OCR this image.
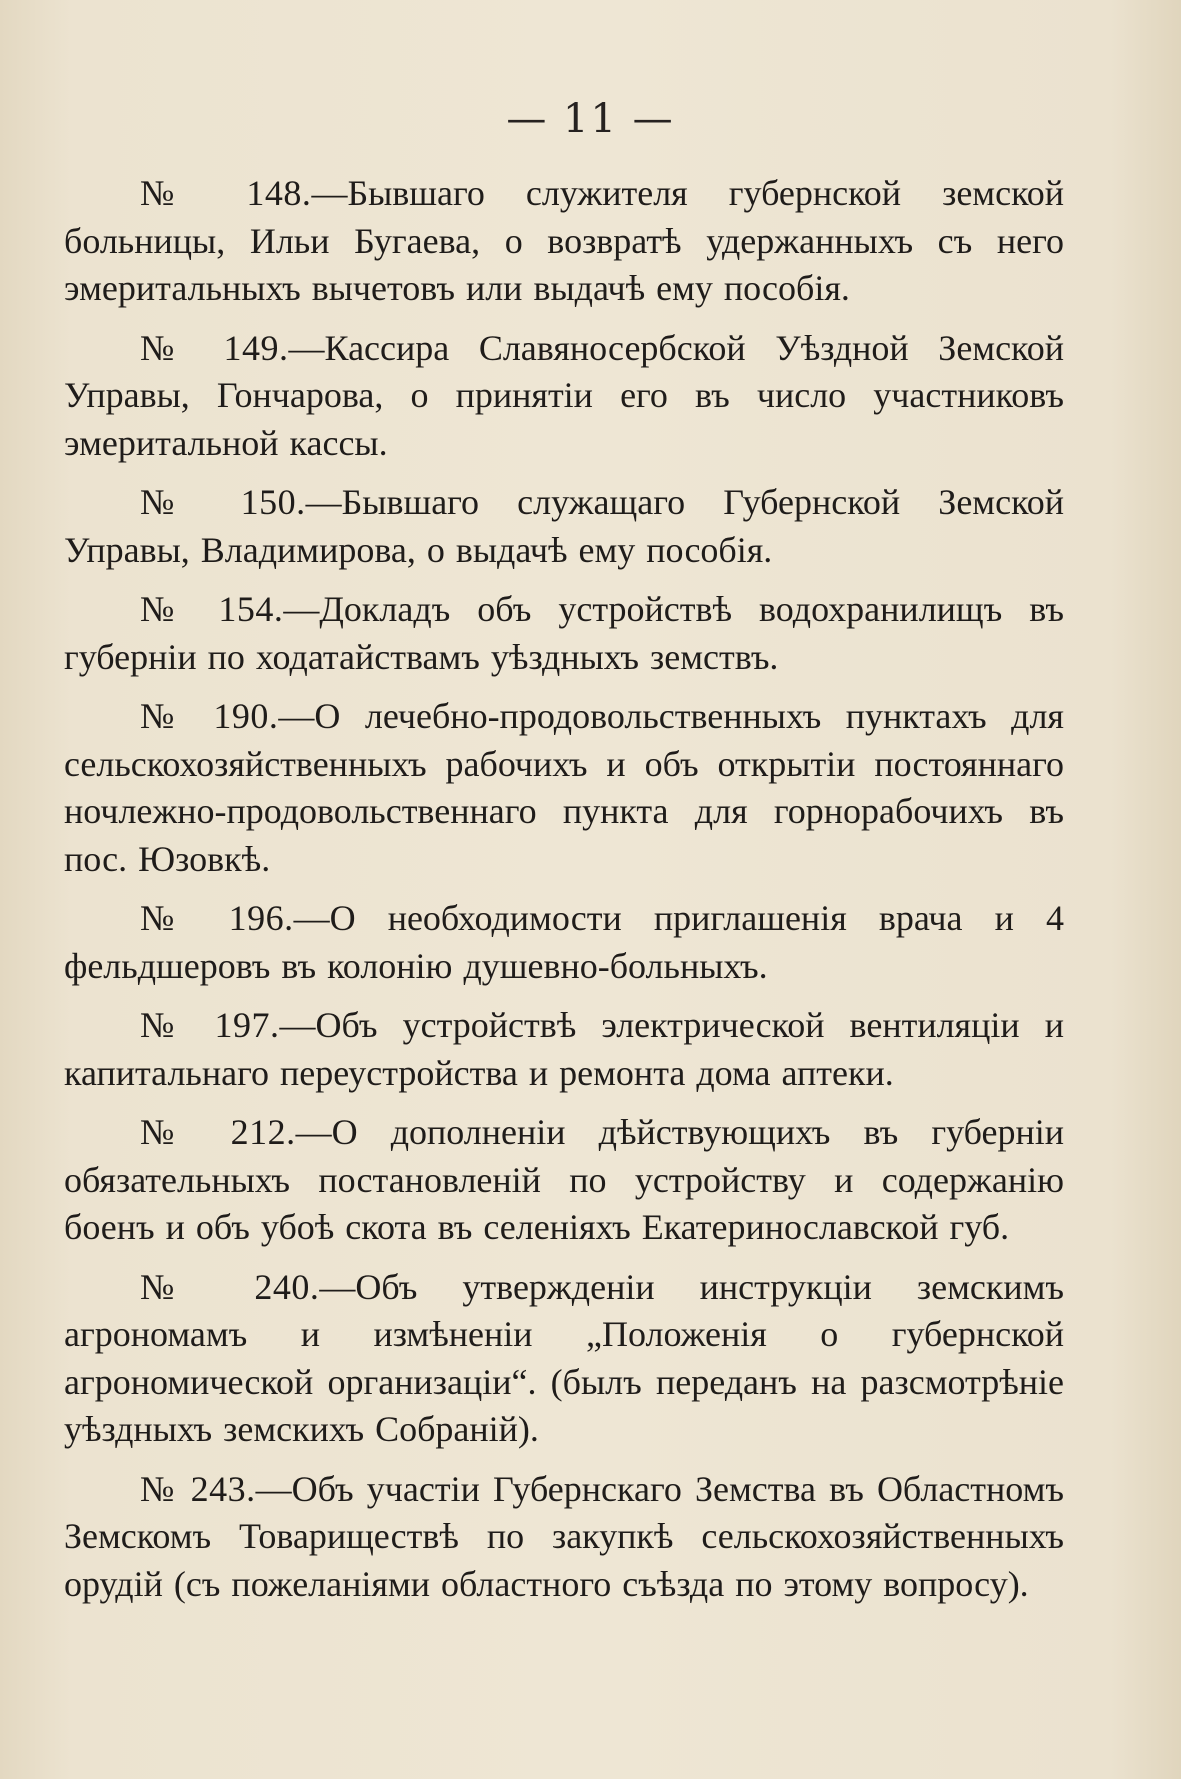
— 11 —

№ 148.—Бывшаго служителя губернской земской больницы, Ильи Бугаева, о возвратѣ удержанныхъ съ него эмеритальныхъ вычетовъ или выдачѣ ему пособія.

№ 149.—Кассира Славяносербской Уѣздной Земской Управы, Гончарова, о принятіи его въ число участниковъ эмеритальной кассы.

№ 150.—Бывшаго служащаго Губернской Земской Управы, Владимирова, о выдачѣ ему пособія.

№ 154.—Докладъ объ устройствѣ водохранилищъ въ губерніи по ходатайствамъ уѣздныхъ земствъ.

№ 190.—О лечебно-продовольственныхъ пунктахъ для сельскохозяйственныхъ рабочихъ и объ открытіи постояннаго ночлежно-продовольственнаго пункта для горнорабочихъ въ пос. Юзовкѣ.

№ 196.—О необходимости приглашенія врача и 4 фельдшеровъ въ колонію душевно-больныхъ.

№ 197.—Объ устройствѣ электрической вентиляціи и капитальнаго переустройства и ремонта дома аптеки.

№ 212.—О дополненіи дѣйствующихъ въ губерніи обязательныхъ постановленій по устройству и содержанію боенъ и объ убоѣ скота въ селеніяхъ Екатеринославской губ.

№ 240.—Объ утвержденіи инструкціи земскимъ агрономамъ и измѣненіи „Положенія о губернской агрономической организаціи“. (былъ переданъ на разсмотрѣніе уѣздныхъ земскихъ Собраній).

№ 243.—Объ участіи Губернскаго Земства въ Областномъ Земскомъ Товариществѣ по закупкѣ сельскохозяйственныхъ орудій (съ пожеланіями областного съѣзда по этому вопросу).
